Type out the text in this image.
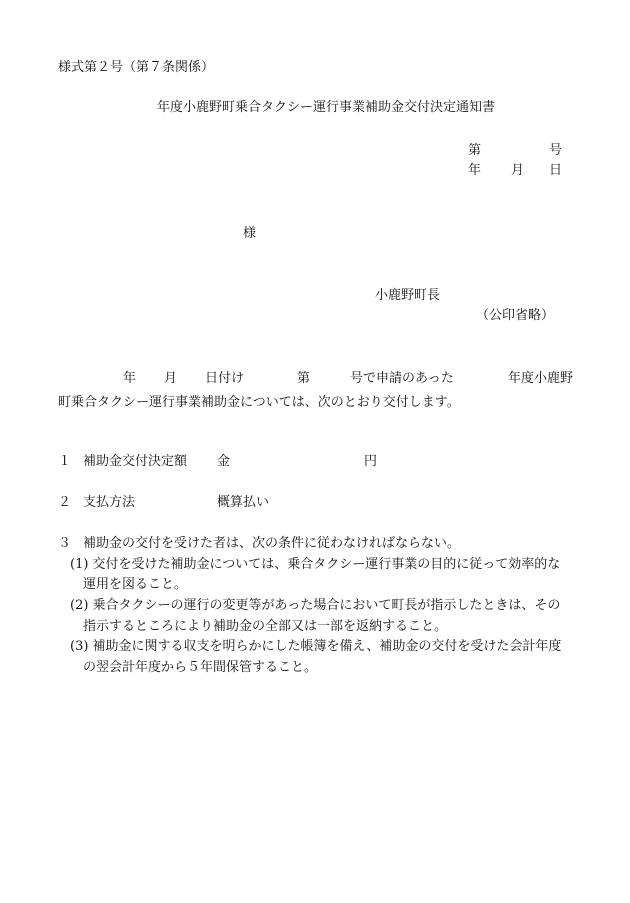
様式第２号（第７条関係）

年度小鹿野町乗合タクシー運行事業補助金交付決定通知書

第	号
年 月 日
様
小鹿野町長
（公印省略）
年 月 日付け	第	号で申請のあった	年度小鹿野

町乗合タクシー運行事業補助金については、次のとおり交付します。

１ 補助金交付決定額 金	円
２ 支払方法	概算払い
３ 補助金の交付を受けた者は、次の条件に従わなければならない。
(1) 交付を受けた補助金については、乗合タクシー運行事業の目的に従って効率的な
運用を図ること。
(2) 乗合タクシーの運行の変更等があった場合において町長が指示したときは、その
指示するところにより補助金の全部又は一部を返納すること。
(3) 補助金に関する収支を明らかにした帳簿を備え、補助金の交付を受けた会計年度
の翌会計年度から５年間保管すること。
